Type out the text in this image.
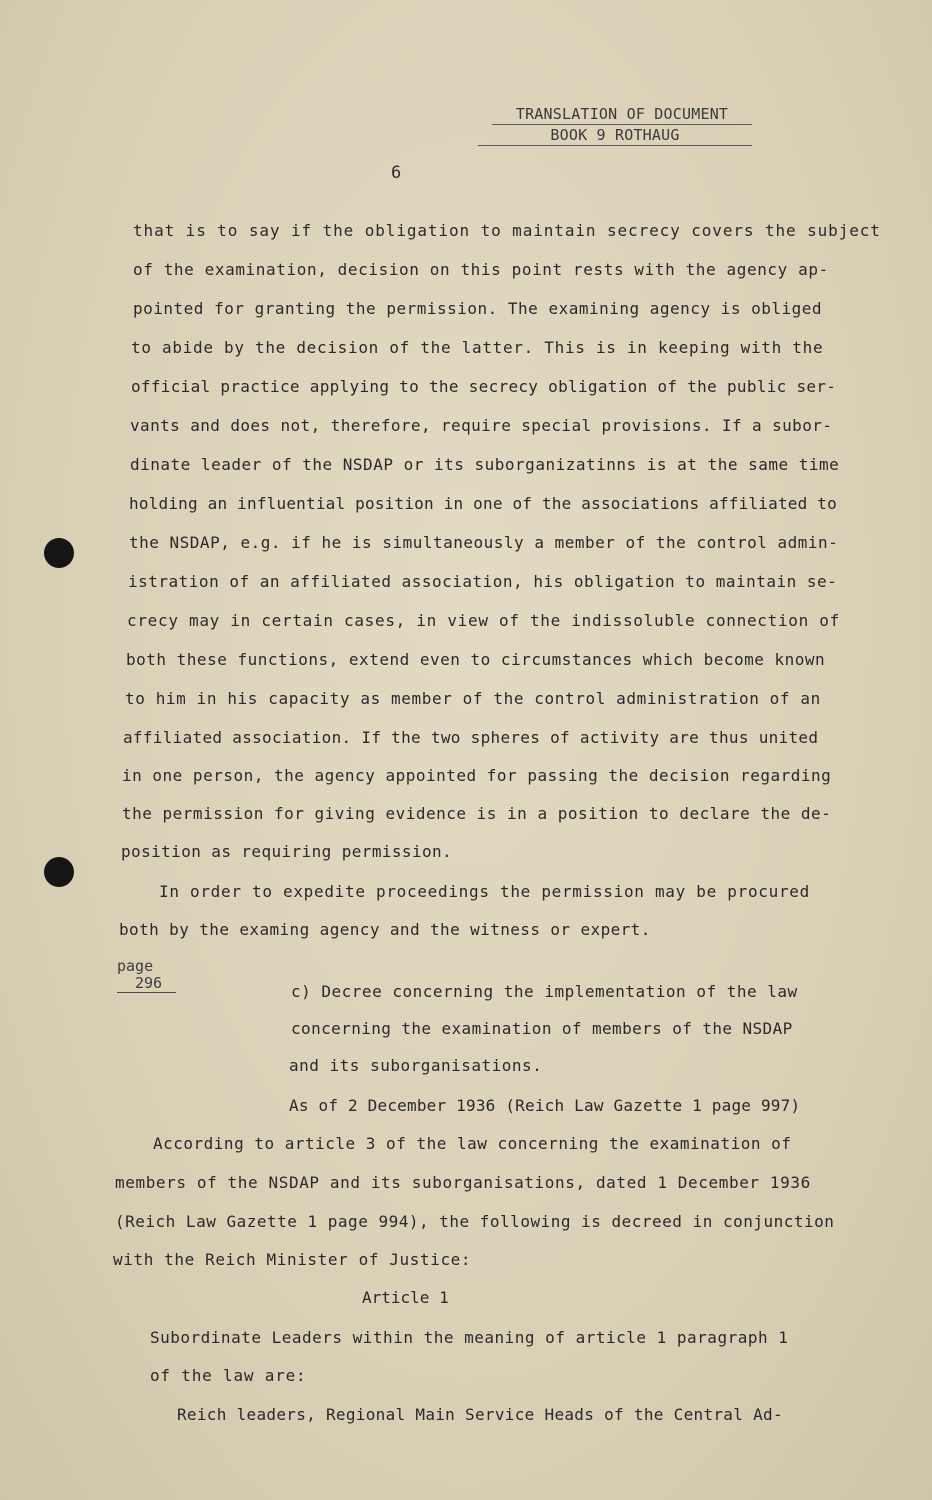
TRANSLATION OF DOCUMENT
BOOK 9 ROTHAUG
6
that is to say if the obligation to maintain secrecy covers the subject
of the examination, decision on this point rests with the agency ap-
pointed for granting the permission. The examining agency is obliged
to abide by the decision of the latter. This is in keeping with the
official practice applying to the secrecy obligation of the public ser-
vants and does not, therefore, require special provisions. If a subor-
dinate leader of the NSDAP or its suborganizatinns is at the same time
holding an influential position in one of the associations affiliated to
the NSDAP, e.g. if he is simultaneously a member of the control admin-
istration of an affiliated association, his obligation to maintain se-
crecy may in certain cases, in view of the indissoluble connection of
both these functions, extend even to circumstances which become known
to him in his capacity as member of the control administration of an
affiliated association. If the two spheres of activity are thus united
in one person, the agency appointed for passing the decision regarding
the permission for giving evidence is in a position to declare the de-
position as requiring permission.
In order to expedite proceedings the permission may be procured
both by the examing agency and the witness or expert.
page
296	c) Decree concerning the implementation of the law
concerning the examination of members of the NSDAP
and its suborganisations.
As of 2 December 1936 (Reich Law Gazette 1 page 997)
According to article 3 of the law concerning the examination of
members of the NSDAP and its suborganisations, dated 1 December 1936
(Reich Law Gazette 1 page 994), the following is decreed in conjunction
with the Reich Minister of Justice:
Article 1
Subordinate Leaders within the meaning of article 1 paragraph 1
of the law are:
Reich leaders, Regional Main Service Heads of the Central Ad-
